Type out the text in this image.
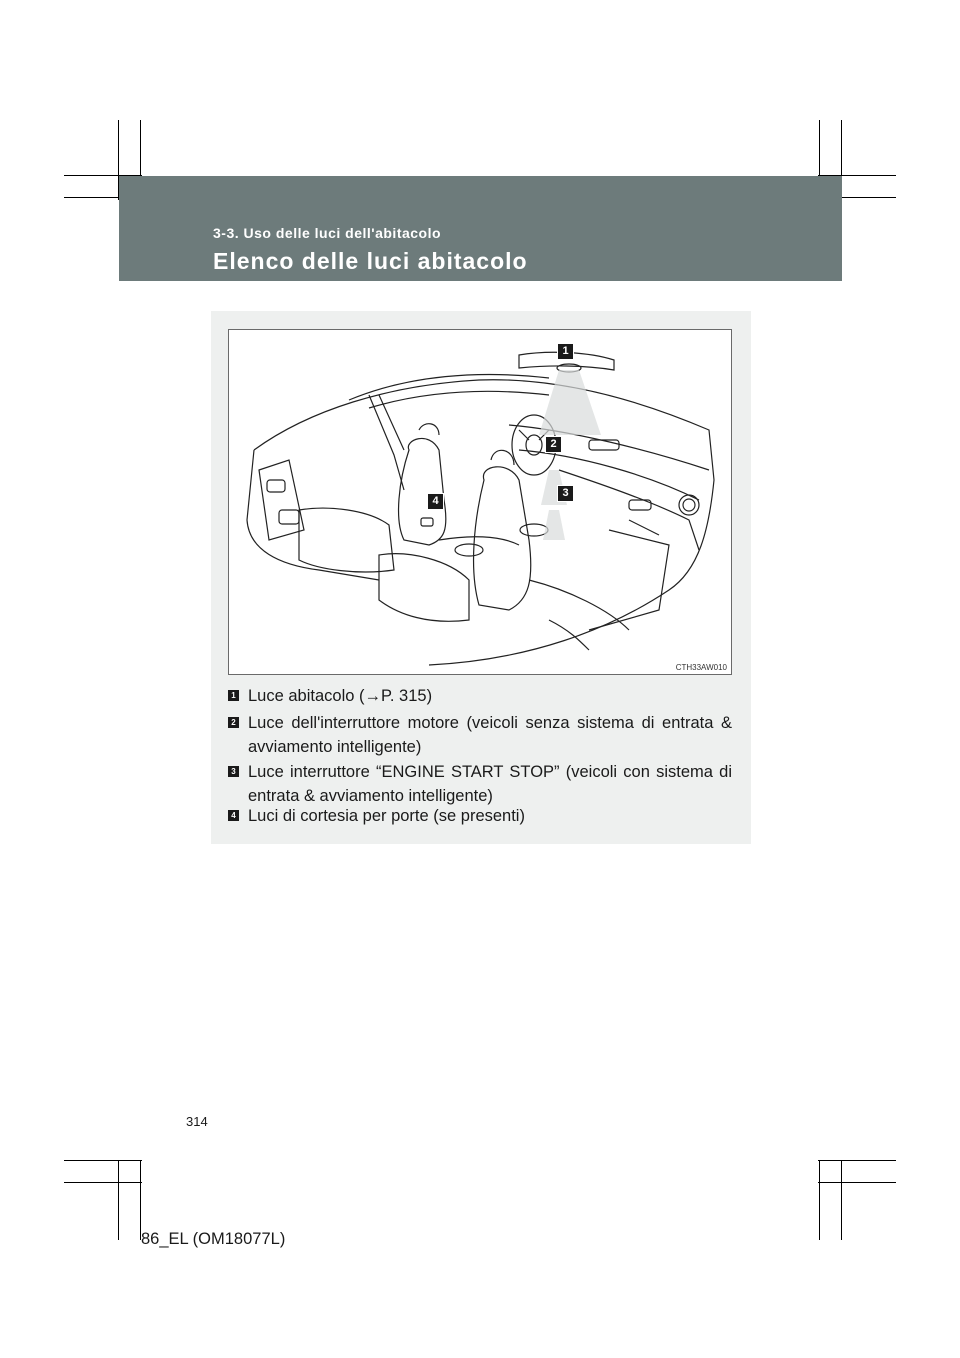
3-3. Uso delle luci dell'abitacolo
Elenco delle luci abitacolo
1
2
3
4
CTH33AW010
1 Luce abitacolo (→P. 315)
2 Luce dell'interruttore motore (veicoli senza sistema di entrata & avviamento intelligente)
3 Luce interruttore “ENGINE START STOP” (veicoli con sistema di entrata & avviamento intelligente)
4 Luci di cortesia per porte (se presenti)
314
86_EL (OM18077L)
